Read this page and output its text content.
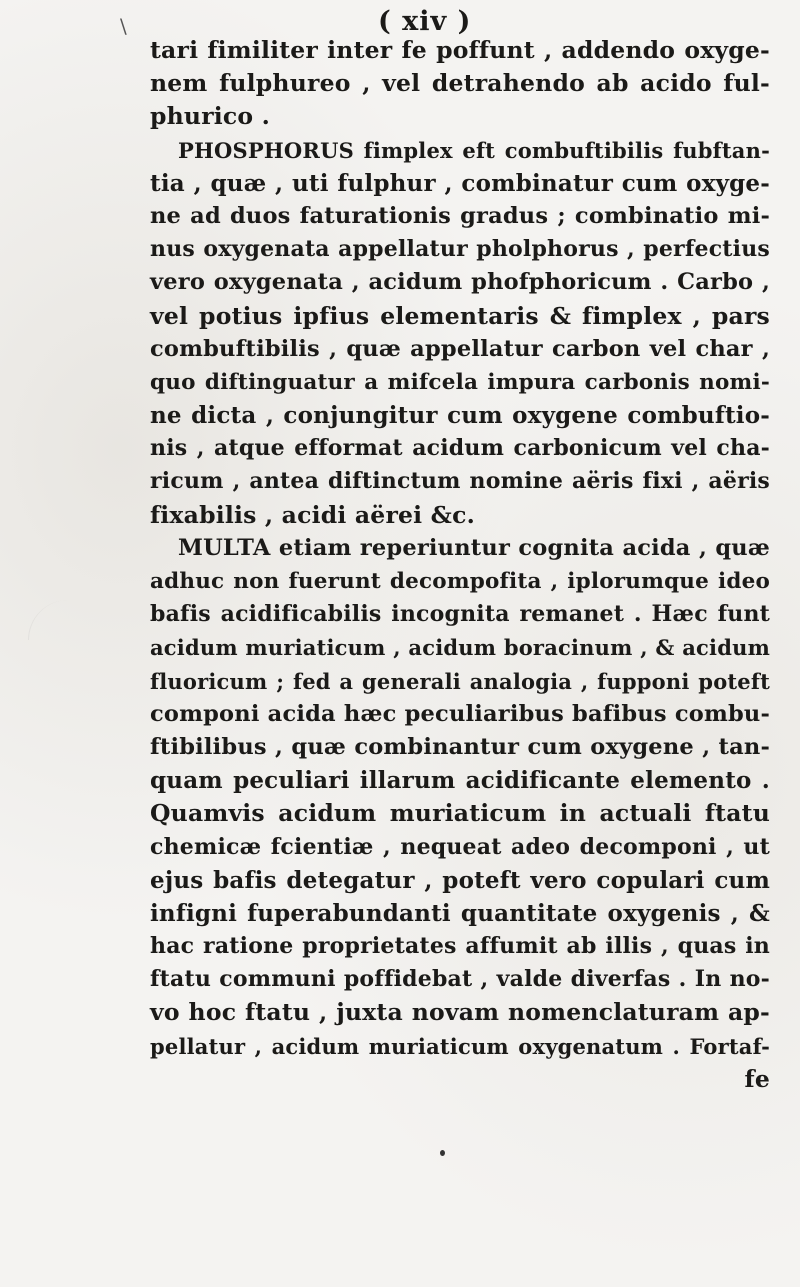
\	( xiv )
tari fimiliter inter fe poffunt , addendo oxyge-
nem fulphureo , vel detrahendo ab acido ful-
phurico .
PHOSPHORUS fimplex eft combuftibilis fubftan-
tia , quæ , uti fulphur , combinatur cum oxyge-
ne ad duos faturationis gradus ; combinatio mi-
nus oxygenata appellatur pholphorus , perfectius
vero oxygenata , acidum phofphoricum . Carbo ,
vel potius ipfius elementaris & fimplex , pars
combuftibilis , quæ appellatur carbon vel char ,
quo diftinguatur a mifcela impura carbonis nomi-
ne dicta , conjungitur cum oxygene combuftio-
nis , atque efformat acidum carbonicum vel cha-
ricum , antea diftinctum nomine aëris fixi , aëris
fixabilis , acidi aërei &c.
MULTA etiam reperiuntur cognita acida , quæ
adhuc non fuerunt decompofita , iplorumque ideo
bafis acidificabilis incognita remanet . Hæc funt
acidum muriaticum , acidum boracinum , & acidum
fluoricum ; fed a generali analogia , fupponi poteft
componi acida hæc peculiaribus bafibus combu-
ftibilibus , quæ combinantur cum oxygene , tan-
quam peculiari illarum acidificante elemento .
Quamvis acidum muriaticum in actuali ftatu
chemicæ fcientiæ , nequeat adeo decomponi , ut
ejus bafis detegatur , poteft vero copulari cum
infigni fuperabundanti quantitate oxygenis , &
hac ratione proprietates affumit ab illis , quas in
ftatu communi poffidebat , valde diverfas . In no-
vo hoc ftatu , juxta novam nomenclaturam ap-
pellatur , acidum muriaticum oxygenatum . Fortaf-
fe
